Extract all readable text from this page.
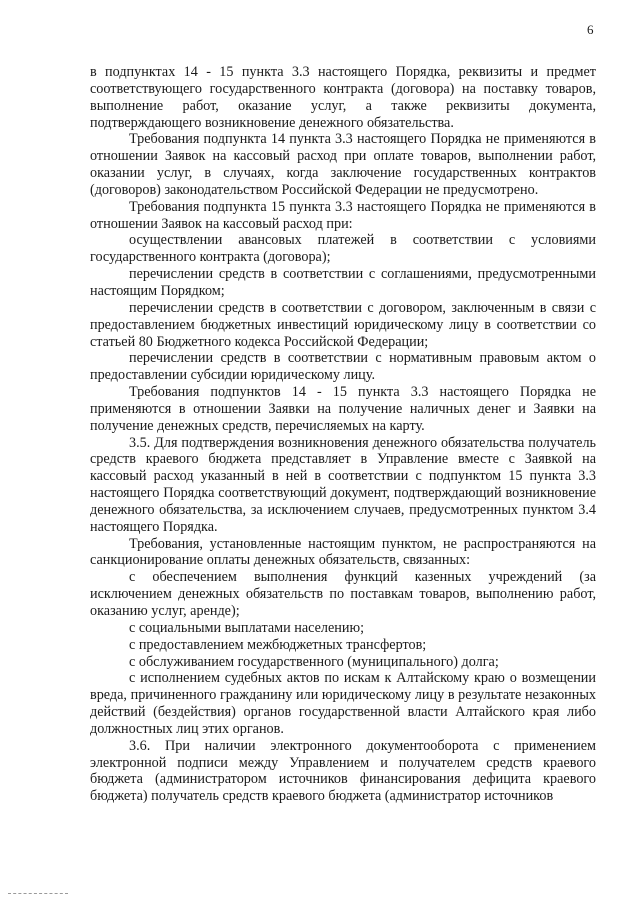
6

в подпунктах 14 - 15 пункта 3.3 настоящего Порядка, реквизиты и предмет соответствующего государственного контракта (договора) на поставку товаров, выполнение работ, оказание услуг, а также реквизиты документа, подтверждающего возникновение денежного обязательства.

Требования подпункта 14 пункта 3.3 настоящего Порядка не применяются в отношении Заявок на кассовый расход при оплате товаров, выполнении работ, оказании услуг, в случаях, когда заключение государственных контрактов (договоров) законодательством Российской Федерации не предусмотрено.

Требования подпункта 15 пункта 3.3 настоящего Порядка не применяются в отношении Заявок на кассовый расход при:

осуществлении авансовых платежей в соответствии с условиями государственного контракта (договора);

перечислении средств в соответствии с соглашениями, предусмотренными настоящим Порядком;

перечислении средств в соответствии с договором, заключенным в связи с предоставлением бюджетных инвестиций юридическому лицу в соответствии со статьей 80 Бюджетного кодекса Российской Федерации;

перечислении средств в соответствии с нормативным правовым актом о предоставлении субсидии юридическому лицу.

Требования подпунктов 14 - 15 пункта 3.3 настоящего Порядка не применяются в отношении Заявки на получение наличных денег и Заявки на получение денежных средств, перечисляемых на карту.

3.5. Для подтверждения возникновения денежного обязательства получатель средств краевого бюджета представляет в Управление вместе с Заявкой на кассовый расход указанный в ней в соответствии с подпунктом 15 пункта 3.3 настоящего Порядка соответствующий документ, подтверждающий возникновение денежного обязательства, за исключением случаев, предусмотренных пунктом 3.4 настоящего Порядка.

Требования, установленные настоящим пунктом, не распространяются на санкционирование оплаты денежных обязательств, связанных:

с обеспечением выполнения функций казенных учреждений (за исключением денежных обязательств по поставкам товаров, выполнению работ, оказанию услуг, аренде);

с социальными выплатами населению;

с предоставлением межбюджетных трансфертов;

с обслуживанием государственного (муниципального) долга;

с исполнением судебных актов по искам к Алтайскому краю о возмещении вреда, причиненного гражданину или юридическому лицу в результате незаконных действий (бездействия) органов государственной власти Алтайского края либо должностных лиц этих органов.

3.6. При наличии электронного документооборота с применением электронной подписи между Управлением и получателем средств краевого бюджета (администратором источников финансирования дефицита краевого бюджета) получатель средств краевого бюджета (администратор источников
